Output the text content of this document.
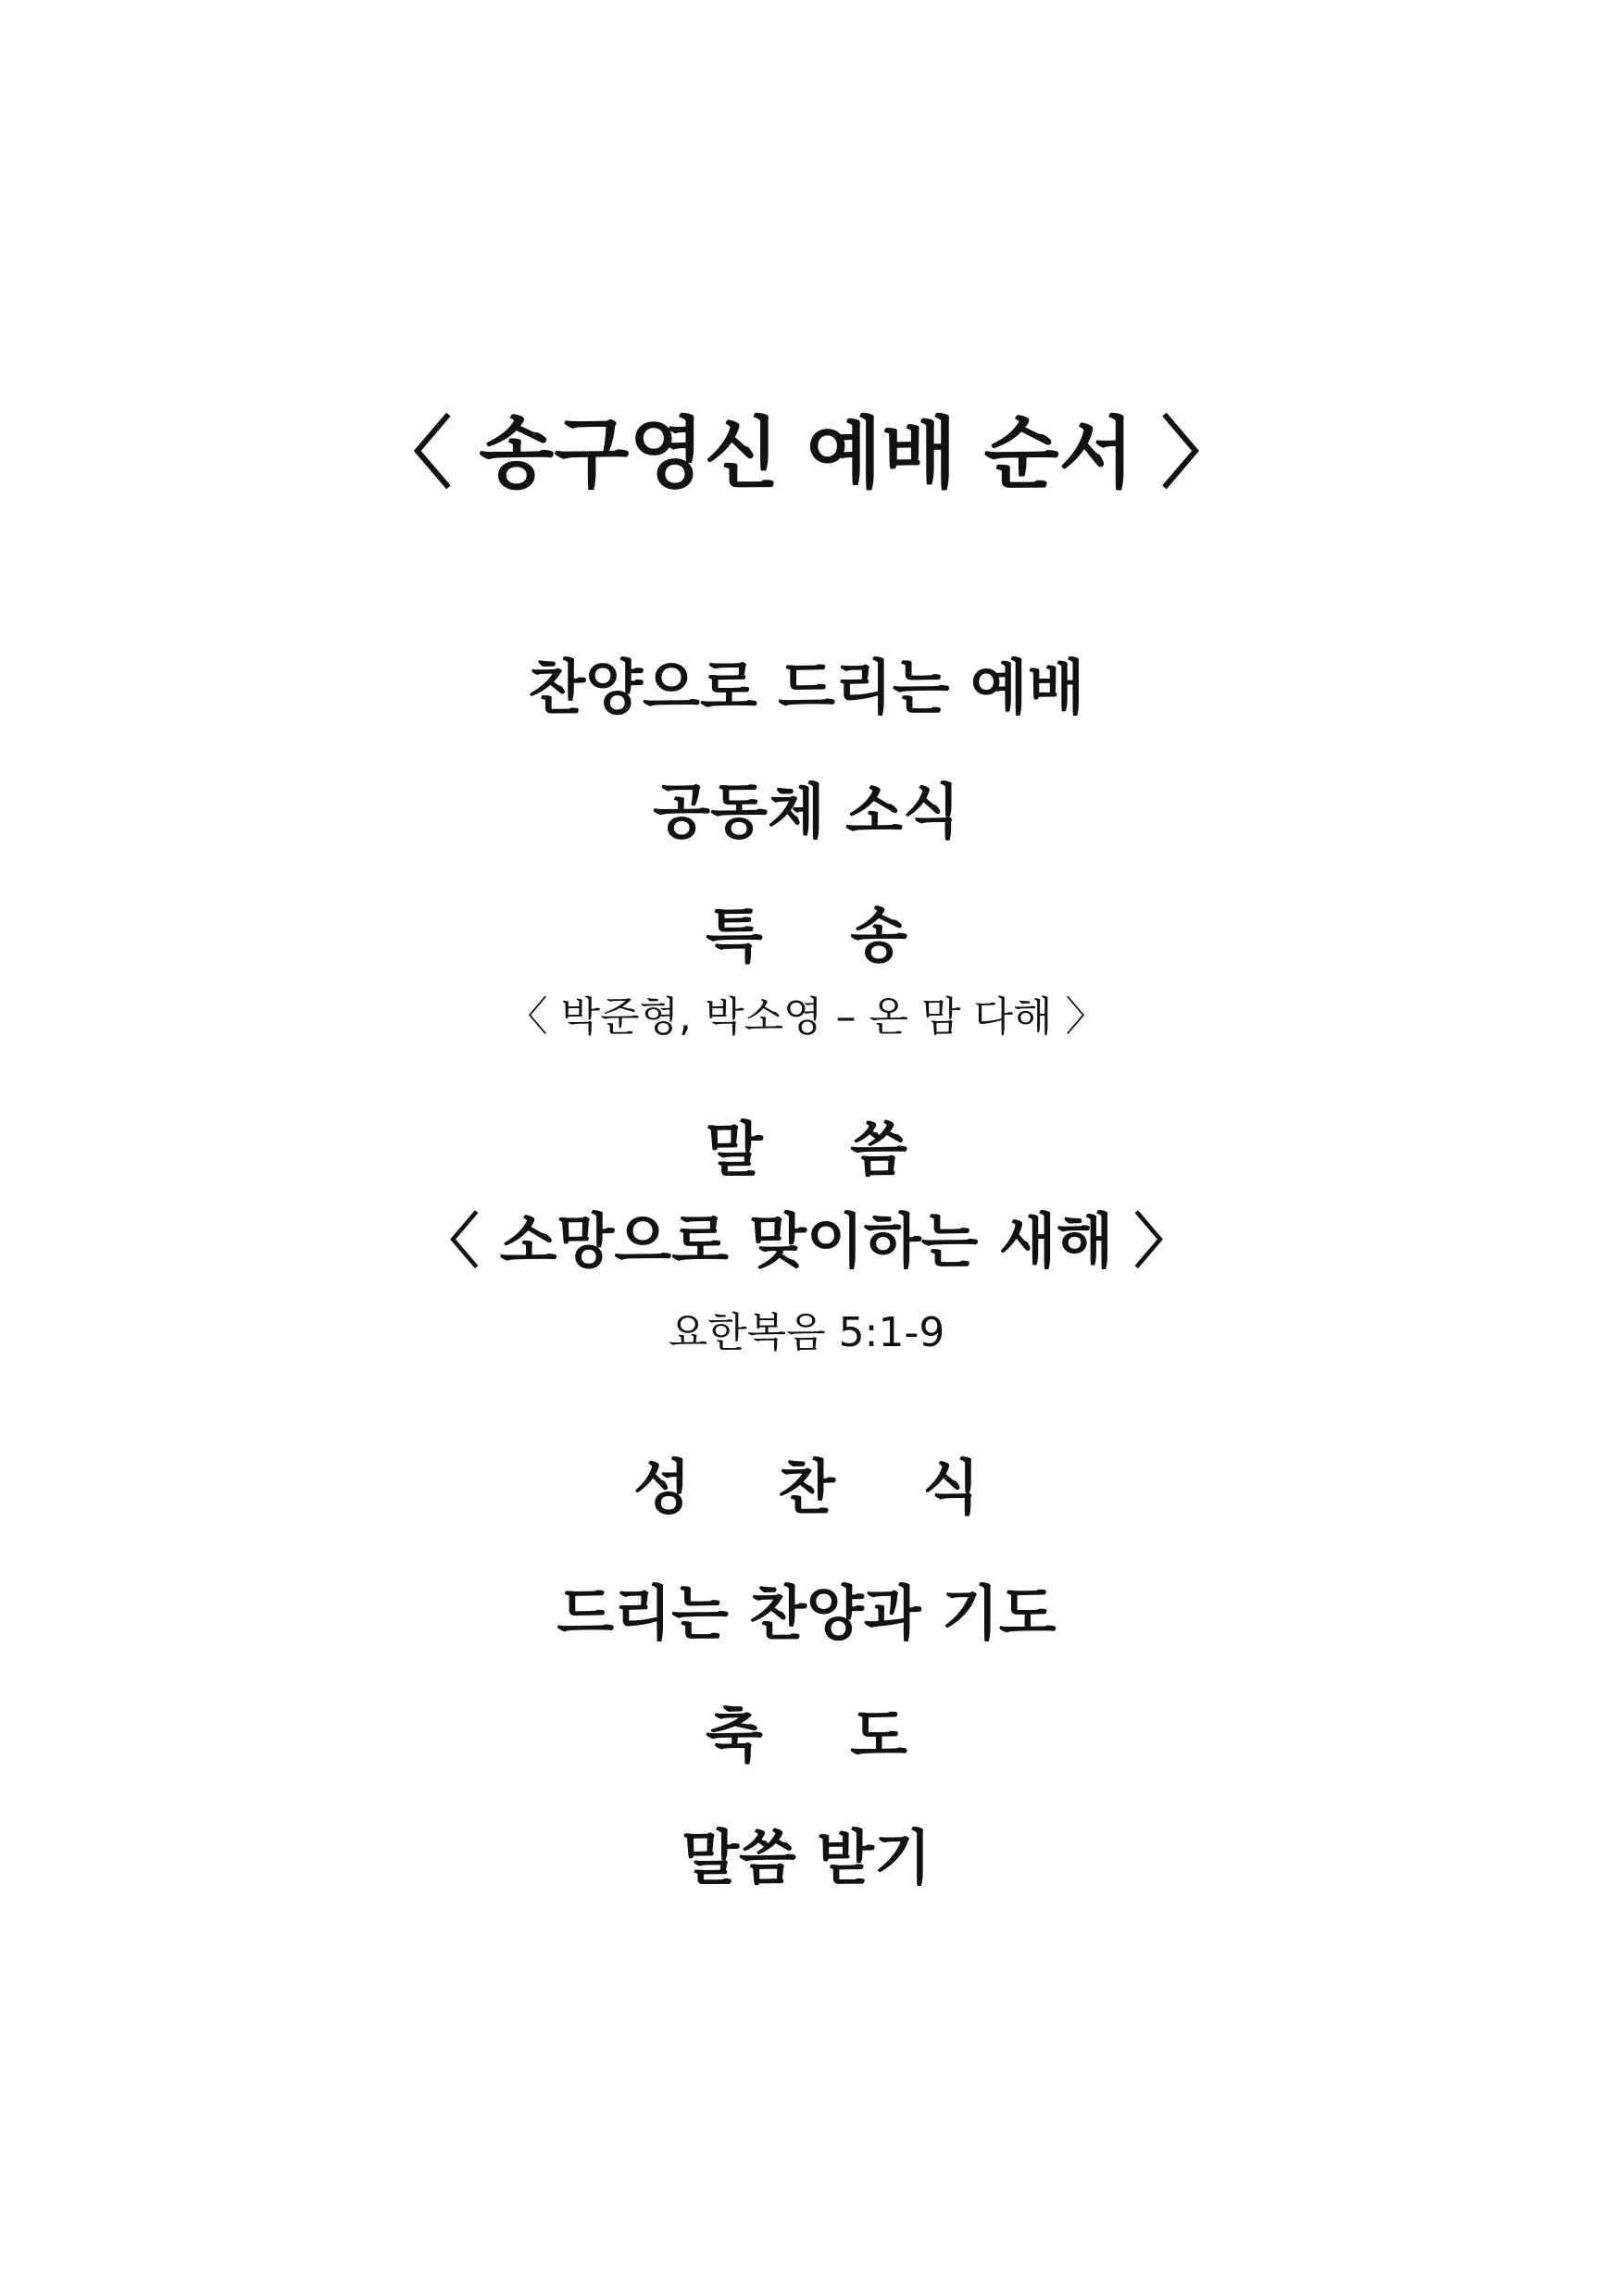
〈 송구영신 예배 순서 〉
찬양으로 드리는 예배
공동체 소식
특 송
〈 박준형, 박소영 – 온 맘 다해 〉
말 씀
〈 소망으로 맞이하는 새해 〉
요한복음 5:1-9
성 찬 식
드리는 찬양과 기도
축 도
말씀 받기
